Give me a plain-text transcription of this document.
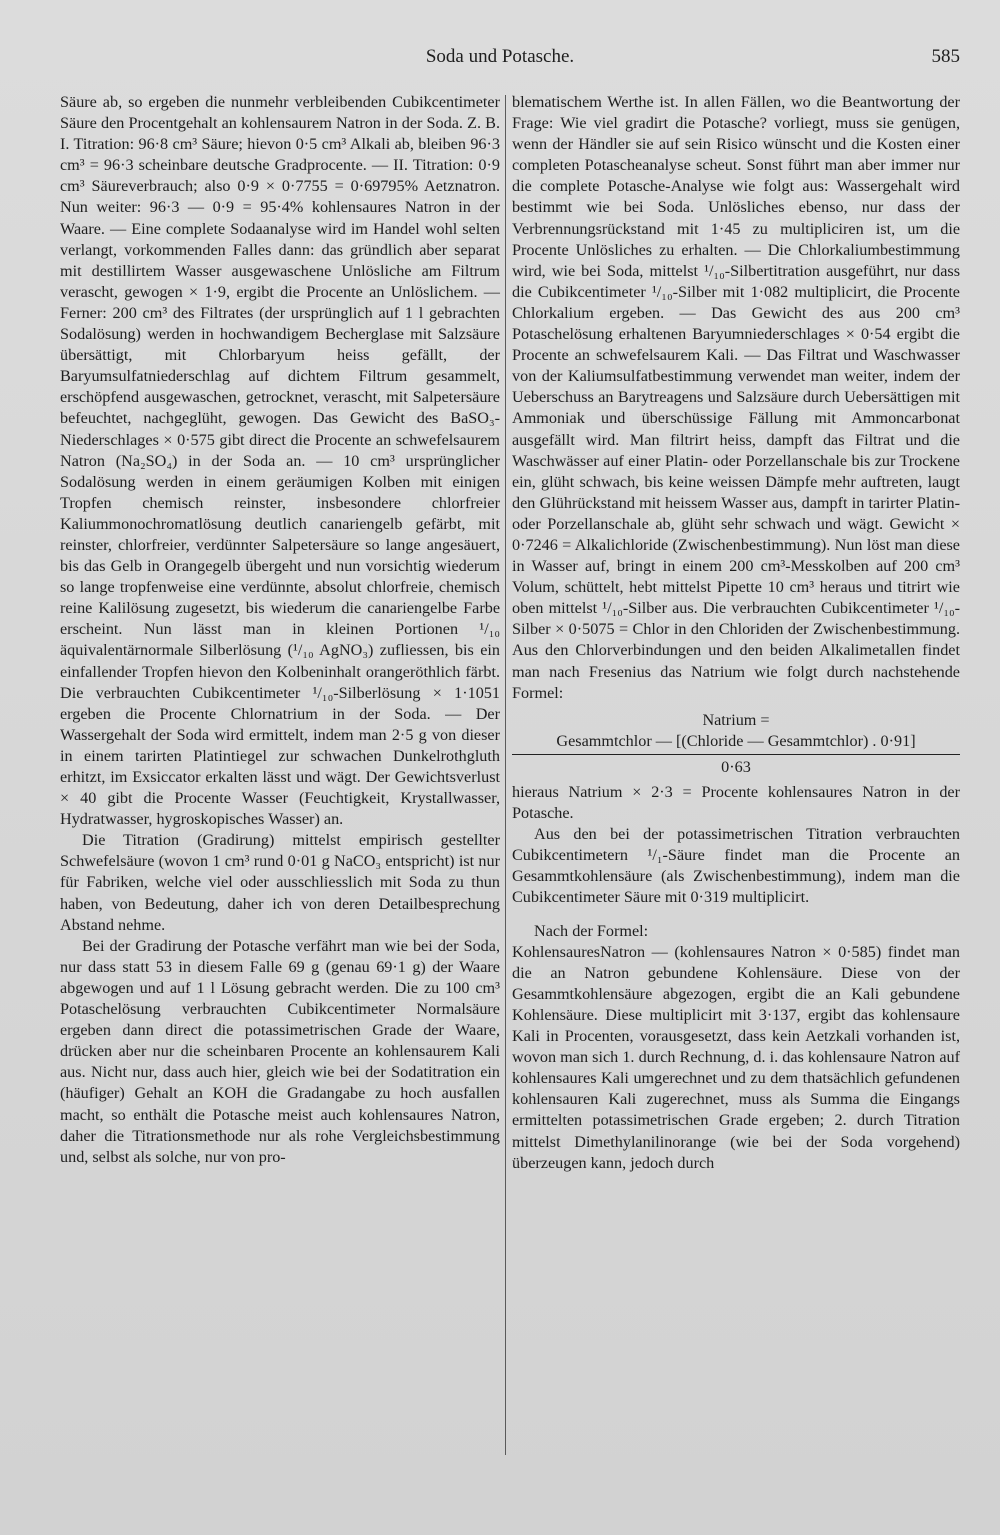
Soda und Potasche.	585

Säure ab, so ergeben die nunmehr verbleibenden Cubikcentimeter Säure den Procentgehalt an kohlensaurem Natron in der Soda. Z. B. I. Titration: 96·8 cm³ Säure; hievon 0·5 cm³ Alkali ab, bleiben 96·3 cm³ = 96·3 scheinbare deutsche Gradprocente. — II. Titration: 0·9 cm³ Säureverbrauch; also 0·9 × 0·7755 = 0·69795% Aetznatron. Nun weiter: 96·3 — 0·9 = 95·4% kohlensaures Natron in der Waare. — Eine complete Sodaanalyse wird im Handel wohl selten verlangt, vorkommenden Falles dann: das gründlich aber separat mit destillirtem Wasser ausgewaschene Unlösliche am Filtrum verascht, gewogen × 1·9, ergibt die Procente an Unlöslichem. — Ferner: 200 cm³ des Filtrates (der ursprünglich auf 1 l gebrachten Sodalösung) werden in hochwandigem Becherglase mit Salzsäure übersättigt, mit Chlorbaryum heiss gefällt, der Baryumsulfatniederschlag auf dichtem Filtrum gesammelt, erschöpfend ausgewaschen, getrocknet, verascht, mit Salpetersäure befeuchtet, nachgeglüht, gewogen. Das Gewicht des BaSO₃-Niederschlages × 0·575 gibt direct die Procente an schwefelsaurem Natron (Na₂SO₄) in der Soda an. — 10 cm³ ursprünglicher Sodalösung werden in einem geräumigen Kolben mit einigen Tropfen chemisch reinster, insbesondere chlorfreier Kaliummonochromatlösung deutlich canariengelb gefärbt, mit reinster, chlorfreier, verdünnter Salpetersäure so lange angesäuert, bis das Gelb in Orangegelb übergeht und nun vorsichtig wiederum so lange tropfenweise eine verdünnte, absolut chlorfreie, chemisch reine Kalilösung zugesetzt, bis wiederum die canariengelbe Farbe erscheint. Nun lässt man in kleinen Portionen ¹/₁₀ äquivalentärnormale Silberlösung (¹/₁₀ AgNO₃) zufliessen, bis ein einfallender Tropfen hievon den Kolbeninhalt orangeröthlich färbt. Die verbrauchten Cubikcentimeter ¹/₁₀-Silberlösung × 1·1051 ergeben die Procente Chlornatrium in der Soda. — Der Wassergehalt der Soda wird ermittelt, indem man 2·5 g von dieser in einem tarirten Platintiegel zur schwachen Dunkelrothgluth erhitzt, im Exsiccator erkalten lässt und wägt. Der Gewichtsverlust × 40 gibt die Procente Wasser (Feuchtigkeit, Krystallwasser, Hydratwasser, hygroskopisches Wasser) an.

Die Titration (Gradirung) mittelst empirisch gestellter Schwefelsäure (wovon 1 cm³ rund 0·01 g NaCO₃ entspricht) ist nur für Fabriken, welche viel oder ausschliesslich mit Soda zu thun haben, von Bedeutung, daher ich von deren Detailbesprechung Abstand nehme.

Bei der Gradirung der Potasche verfährt man wie bei der Soda, nur dass statt 53 in diesem Falle 69 g (genau 69·1 g) der Waare abgewogen und auf 1 l Lösung gebracht werden. Die zu 100 cm³ Potaschelösung verbrauchten Cubikcentimeter Normalsäure ergeben dann direct die potassimetrischen Grade der Waare, drücken aber nur die scheinbaren Procente an kohlensaurem Kali aus. Nicht nur, dass auch hier, gleich wie bei der Sodatitration ein (häufiger) Gehalt an KOH die Gradangabe zu hoch ausfallen macht, so enthält die Potasche meist auch kohlensaures Natron, daher die Titrationsmethode nur als rohe Vergleichsbestimmung und, selbst als solche, nur von pro-

blematischem Werthe ist. In allen Fällen, wo die Beantwortung der Frage: Wie viel gradirt die Potasche? vorliegt, muss sie genügen, wenn der Händler sie auf sein Risico wünscht und die Kosten einer completen Potascheanalyse scheut. Sonst führt man aber immer nur die complete Potasche-Analyse wie folgt aus: Wassergehalt wird bestimmt wie bei Soda. Unlösliches ebenso, nur dass der Verbrennungsrückstand mit 1·45 zu multipliciren ist, um die Procente Unlösliches zu erhalten. — Die Chlorkaliumbestimmung wird, wie bei Soda, mittelst ¹/₁₀-Silbertitration ausgeführt, nur dass die Cubikcentimeter ¹/₁₀-Silber mit 1·082 multiplicirt, die Procente Chlorkalium ergeben. — Das Gewicht des aus 200 cm³ Potaschelösung erhaltenen Baryumniederschlages × 0·54 ergibt die Procente an schwefelsaurem Kali. — Das Filtrat und Waschwasser von der Kaliumsulfatbestimmung verwendet man weiter, indem der Ueberschuss an Barytreagens und Salzsäure durch Uebersättigen mit Ammoniak und überschüssige Fällung mit Ammoncarbonat ausgefällt wird. Man filtrirt heiss, dampft das Filtrat und die Waschwässer auf einer Platin- oder Porzellanschale bis zur Trockene ein, glüht schwach, bis keine weissen Dämpfe mehr auftreten, laugt den Glührückstand mit heissem Wasser aus, dampft in tarirter Platin- oder Porzellanschale ab, glüht sehr schwach und wägt. Gewicht × 0·7246 = Alkalichloride (Zwischenbestimmung). Nun löst man diese in Wasser auf, bringt in einem 200 cm³-Messkolben auf 200 cm³ Volum, schüttelt, hebt mittelst Pipette 10 cm³ heraus und titrirt wie oben mittelst ¹/₁₀-Silber aus. Die verbrauchten Cubikcentimeter ¹/₁₀-Silber × 0·5075 = Chlor in den Chloriden der Zwischenbestimmung. Aus den Chlorverbindungen und den beiden Alkalimetallen findet man nach Fresenius das Natrium wie folgt durch nachstehende Formel:

Natrium =
Gesammtchlor — [(Chloride — Gesammtchlor) . 0·91]
0·63

hieraus Natrium × 2·3 = Procente kohlensaures Natron in der Potasche.

Aus den bei der potassimetrischen Titration verbrauchten Cubikcentimetern ¹/₁-Säure findet man die Procente an Gesammtkohlensäure (als Zwischenbestimmung), indem man die Cubikcentimeter Säure mit 0·319 multiplicirt.

Nach der Formel:

KohlensauresNatron — (kohlensaures Natron × 0·585) findet man die an Natron gebundene Kohlensäure. Diese von der Gesammtkohlensäure abgezogen, ergibt die an Kali gebundene Kohlensäure. Diese multiplicirt mit 3·137, ergibt das kohlensaure Kali in Procenten, vorausgesetzt, dass kein Aetzkali vorhanden ist, wovon man sich 1. durch Rechnung, d. i. das kohlensaure Natron auf kohlensaures Kali umgerechnet und zu dem thatsächlich gefundenen kohlensauren Kali zugerechnet, muss als Summa die Eingangs ermittelten potassimetrischen Grade ergeben; 2. durch Titration mittelst Dimethylanilinorange (wie bei der Soda vorgehend) überzeugen kann, jedoch durch
